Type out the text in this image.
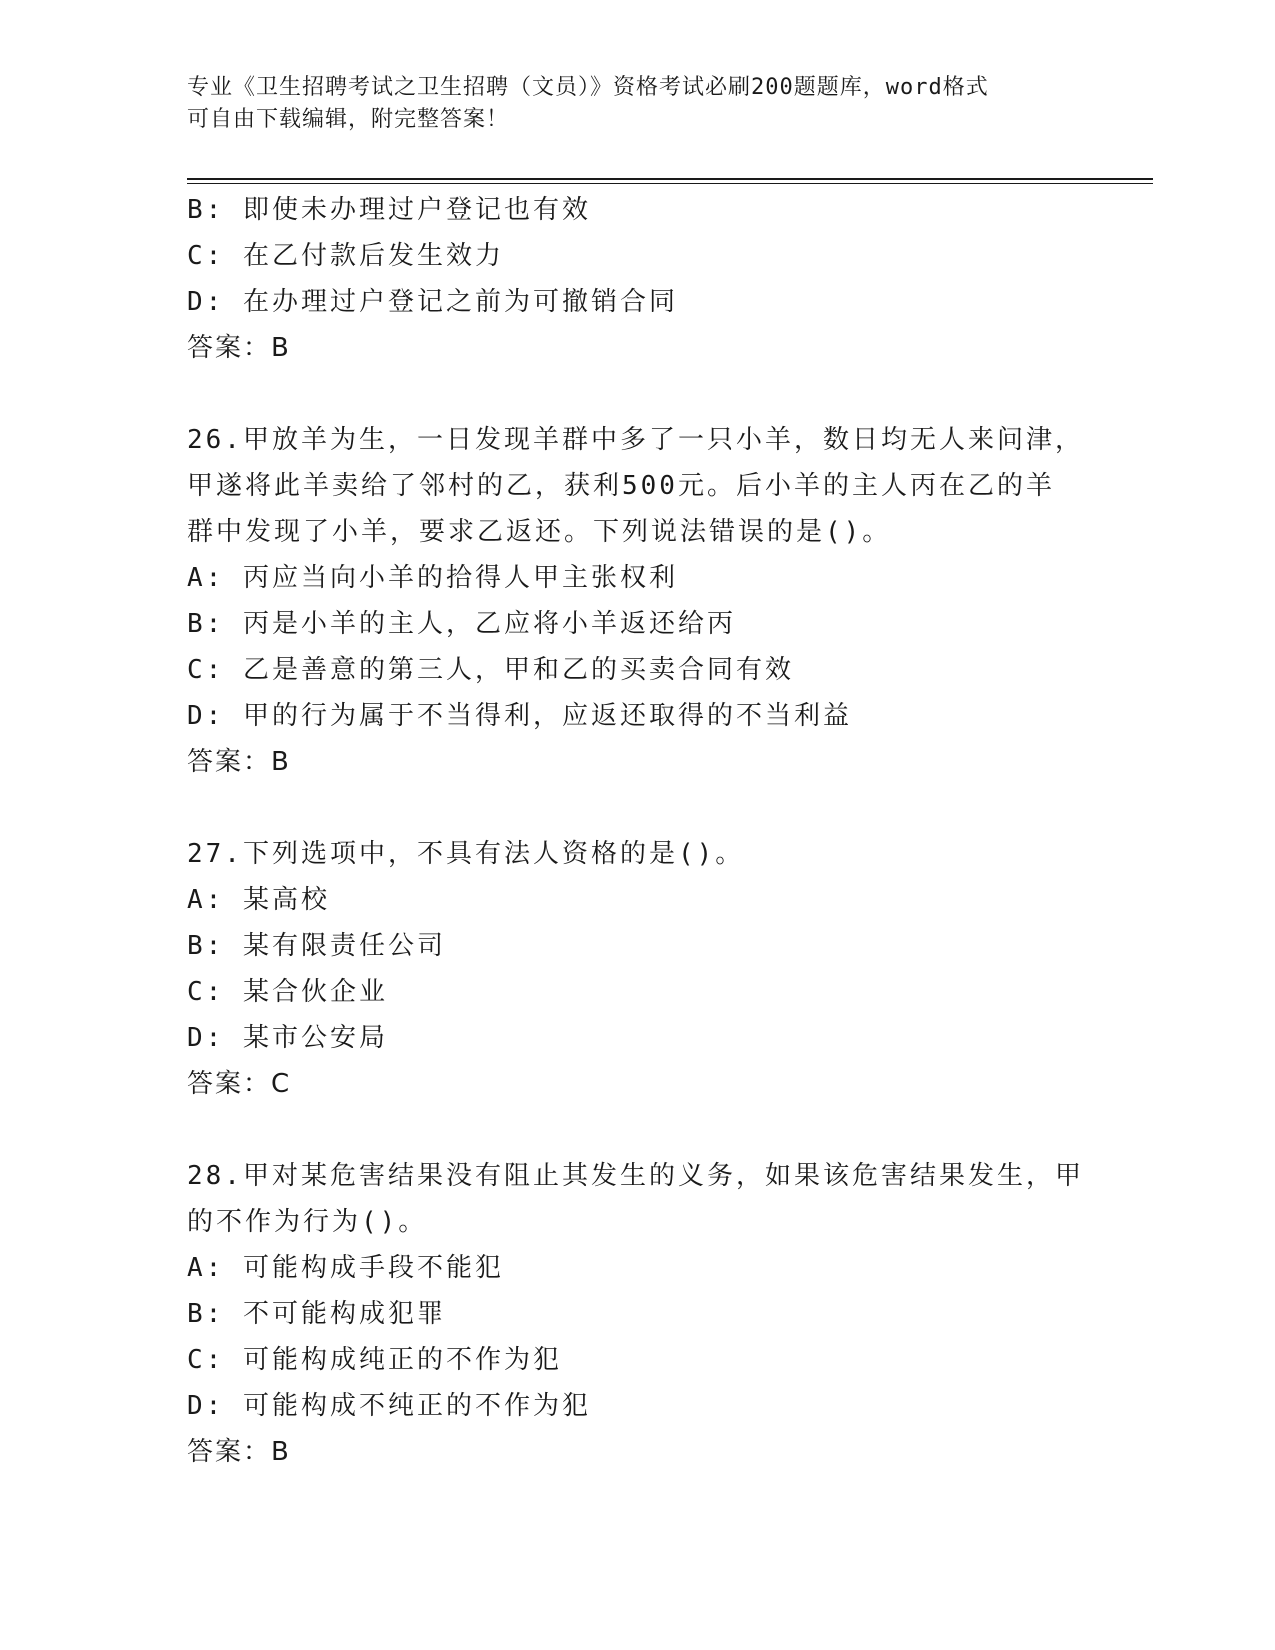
专业《卫生招聘考试之卫生招聘（文员）》资格考试必刷200题题库，word格式
可自由下载编辑，附完整答案！
B: 即使未办理过户登记也有效
C: 在乙付款后发生效力
D: 在办理过户登记之前为可撤销合同
答案：B
26.甲放羊为生，一日发现羊群中多了一只小羊，数日均无人来问津，
甲遂将此羊卖给了邻村的乙，获利500元。后小羊的主人丙在乙的羊
群中发现了小羊，要求乙返还。下列说法错误的是()。
A: 丙应当向小羊的拾得人甲主张权利
B: 丙是小羊的主人，乙应将小羊返还给丙
C: 乙是善意的第三人，甲和乙的买卖合同有效
D: 甲的行为属于不当得利，应返还取得的不当利益
答案：B
27.下列选项中，不具有法人资格的是()。
A: 某高校
B: 某有限责任公司
C: 某合伙企业
D: 某市公安局
答案：C
28.甲对某危害结果没有阻止其发生的义务，如果该危害结果发生，甲
的不作为行为()。
A: 可能构成手段不能犯
B: 不可能构成犯罪
C: 可能构成纯正的不作为犯
D: 可能构成不纯正的不作为犯
答案：B
